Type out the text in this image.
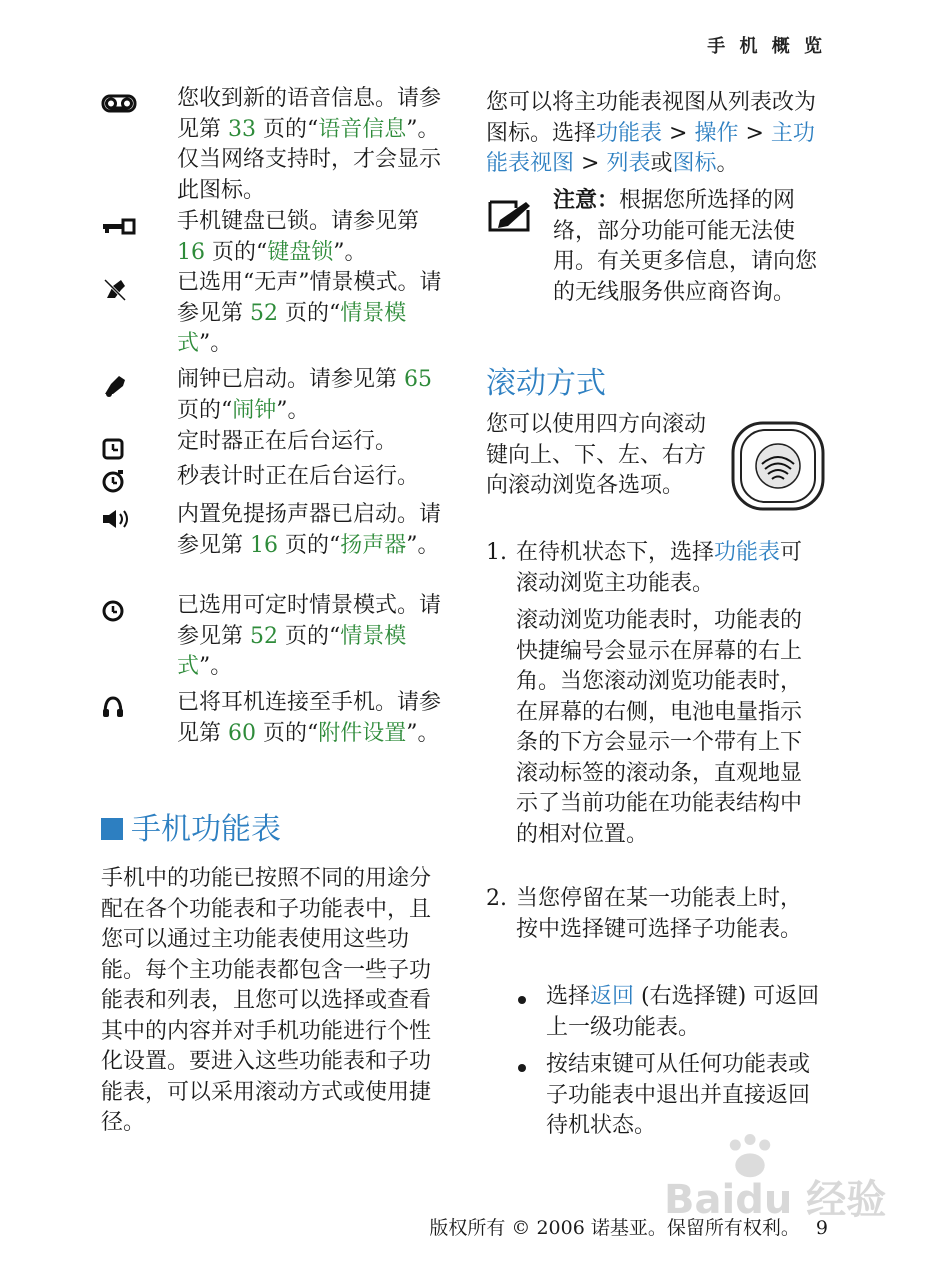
手 机 概 览
您收到新的语音信息。请参见第 33 页的“语音信息”。仅当网络支持时，才会显示此图标。
手机键盘已锁。请参见第 16 页的“键盘锁”。
已选用“无声”情景模式。请参见第 52 页的“情景模式”。
闹钟已启动。请参见第 65 页的“闹钟”。
定时器正在后台运行。
秒表计时正在后台运行。
内置免提扬声器已启动。请参见第 16 页的“扬声器”。
已选用可定时情景模式。请参见第 52 页的“情景模式”。
已将耳机连接至手机。请参见第 60 页的“附件设置”。
手机功能表
手机中的功能已按照不同的用途分配在各个功能表和子功能表中，且您可以通过主功能表使用这些功能。每个主功能表都包含一些子功能表和列表，且您可以选择或查看其中的内容并对手机功能进行个性化设置。要进入这些功能表和子功能表，可以采用滚动方式或使用捷径。
您可以将主功能表视图从列表改为图标。选择功能表 > 操作 > 主功能表视图 > 列表或图标。
注意：根据您所选择的网络，部分功能可能无法使用。有关更多信息，请向您的无线服务供应商咨询。
滚动方式
您可以使用四方向滚动键向上、下、左、右方向滚动浏览各选项。
1. 在待机状态下，选择功能表可滚动浏览主功能表。
滚动浏览功能表时，功能表的快捷编号会显示在屏幕的右上角。当您滚动浏览功能表时，在屏幕的右侧，电池电量指示条的下方会显示一个带有上下滚动标签的滚动条，直观地显示了当前功能在功能表结构中的相对位置。
2. 当您停留在某一功能表上时，按中选择键可选择子功能表。
选择返回 (右选择键) 可返回上一级功能表。
按结束键可从任何功能表或子功能表中退出并直接返回待机状态。
Baidu 经验
版权所有 © 2006 诺基亚。保留所有权利。 9
